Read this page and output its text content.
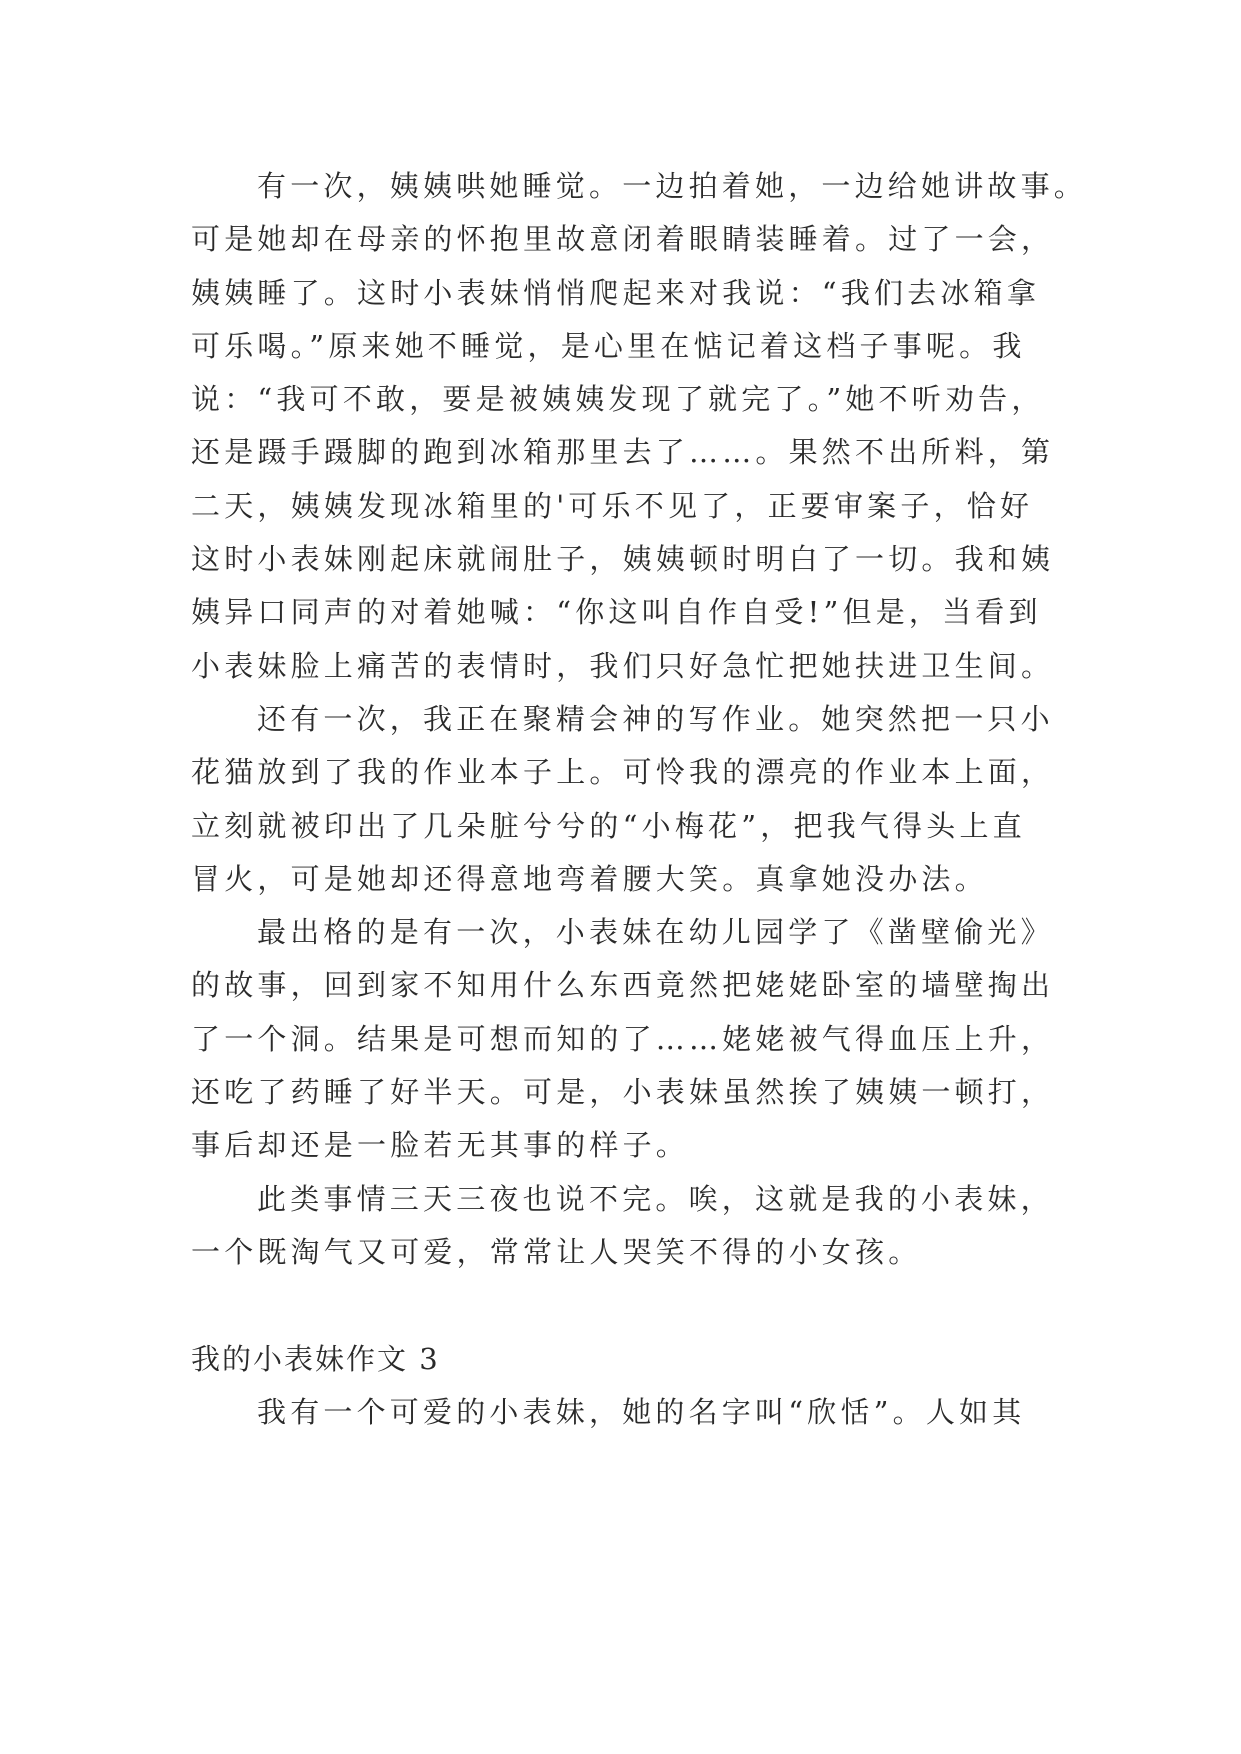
有一次，姨姨哄她睡觉。一边拍着她，一边给她讲故事。
可是她却在母亲的怀抱里故意闭着眼睛装睡着。过了一会，
姨姨睡了。这时小表妹悄悄爬起来对我说：“我们去冰箱拿
可乐喝。”原来她不睡觉，是心里在惦记着这档子事呢。我
说：“我可不敢，要是被姨姨发现了就完了。”她不听劝告，
还是蹑手蹑脚的跑到冰箱那里去了……。果然不出所料，第
二天，姨姨发现冰箱里的'可乐不见了，正要审案子，恰好
这时小表妹刚起床就闹肚子，姨姨顿时明白了一切。我和姨
姨异口同声的对着她喊：“你这叫自作自受!”但是，当看到
小表妹脸上痛苦的表情时，我们只好急忙把她扶进卫生间。
还有一次，我正在聚精会神的写作业。她突然把一只小
花猫放到了我的作业本子上。可怜我的漂亮的作业本上面，
立刻就被印出了几朵脏兮兮的“小梅花”，把我气得头上直
冒火，可是她却还得意地弯着腰大笑。真拿她没办法。
最出格的是有一次，小表妹在幼儿园学了《凿壁偷光》
的故事，回到家不知用什么东西竟然把姥姥卧室的墙壁掏出
了一个洞。结果是可想而知的了……姥姥被气得血压上升，
还吃了药睡了好半天。可是，小表妹虽然挨了姨姨一顿打，
事后却还是一脸若无其事的样子。
此类事情三天三夜也说不完。唉，这就是我的小表妹，
一个既淘气又可爱，常常让人哭笑不得的小女孩。
我的小表妹作文 3
我有一个可爱的小表妹，她的名字叫“欣恬”。人如其
